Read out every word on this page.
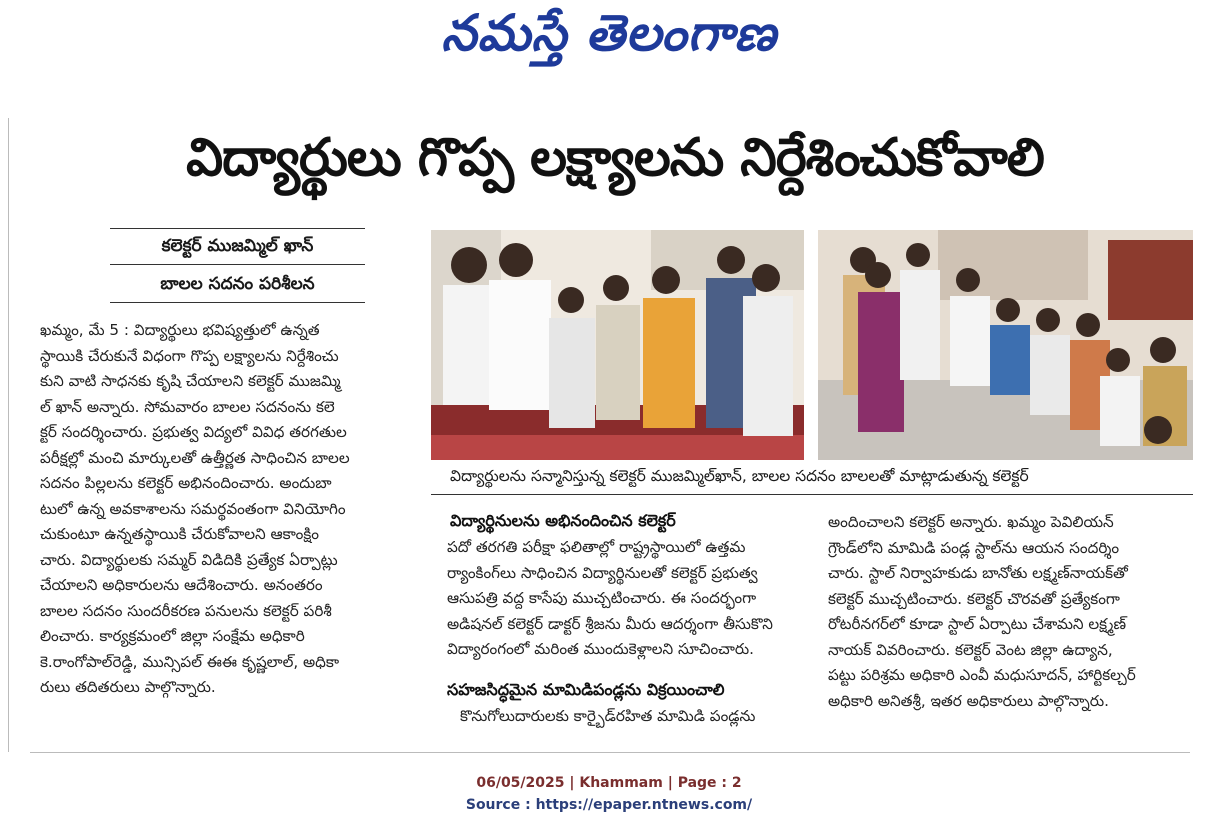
నమస్తే తెలంగాణ
విద్యార్థులు గొప్ప లక్ష్యాలను నిర్దేశించుకోవాలి
కలెక్టర్ ముజమ్మిల్ ఖాన్
బాలల సదనం పరిశీలన
ఖమ్మం, మే 5 : విద్యార్థులు భవిష్యత్తులో ఉన్నత
స్థాయికి చేరుకునే విధంగా గొప్ప లక్ష్యాలను నిర్దేశించు
కుని వాటి సాధనకు కృషి చేయాలని కలెక్టర్ ముజమ్మి
ల్ ఖాన్ అన్నారు. సోమవారం బాలల సదనంను కలె
క్టర్ సందర్శించారు. ప్రభుత్వ విద్యలో వివిధ తరగతుల
పరీక్షల్లో మంచి మార్కులతో ఉత్తీర్ణత సాధించిన బాలల
సదనం పిల్లలను కలెక్టర్ అభినందించారు. అందుబా
టులో ఉన్న అవకాశాలను సమర్థవంతంగా వినియోగిం
చుకుంటూ ఉన్నతస్థాయికి చేరుకోవాలని ఆకాంక్షిం
చారు. విద్యార్థులకు సమ్మర్ విడిదికి ప్రత్యేక ఏర్పాట్లు
చేయాలని అధికారులను ఆదేశించారు. అనంతరం
బాలల సదనం సుందరీకరణ పనులను కలెక్టర్ పరిశీ
లించారు. కార్యక్రమంలో జిల్లా సంక్షేమ అధికారి
కె.రాంగోపాల్‌రెడ్డి, మున్సిపల్ ఈఈ కృష్ణలాల్, అధికా
రులు తదితరులు పాల్గొన్నారు.
విద్యార్థులను సన్మానిస్తున్న కలెక్టర్ ముజమ్మిల్‌ఖాన్, బాలల సదనం బాలలతో మాట్లాడుతున్న కలెక్టర్
విద్యార్థినులను అభినందించిన కలెక్టర్
పదో తరగతి పరీక్షా ఫలితాల్లో రాష్ట్రస్థాయిలో ఉత్తమ
ర్యాంకింగ్‌లు సాధించిన విద్యార్థినులతో కలెక్టర్ ప్రభుత్వ
ఆసుపత్రి వద్ద కాసేపు ముచ్చటించారు. ఈ సందర్భంగా
అడిషనల్ కలెక్టర్ డాక్టర్ శ్రీజను మీరు ఆదర్శంగా తీసుకొని
విద్యారంగంలో మరింత ముందుకెళ్లాలని సూచించారు.
సహజసిద్ధమైన మామిడిపండ్లను విక్రయించాలి
కొనుగోలుదారులకు కార్బైడ్‌రహిత మామిడి పండ్లను
అందించాలని కలెక్టర్ అన్నారు. ఖమ్మం పెవిలియన్
గ్రౌండ్‌లోని మామిడి పండ్ల స్టాల్‌ను ఆయన సందర్శిం
చారు. స్టాల్ నిర్వాహకుడు బానోతు లక్ష్మణ్‌నాయక్‌తో
కలెక్టర్ ముచ్చటించారు. కలెక్టర్ చొరవతో ప్రత్యేకంగా
రోటరీనగర్‌లో కూడా స్టాల్ ఏర్పాటు చేశామని లక్ష్మణ్
నాయక్ వివరించారు. కలెక్టర్ వెంట జిల్లా ఉద్యాన,
పట్టు పరిశ్రమ అధికారి ఎంవీ మధుసూదన్, హార్టికల్చర్
అధికారి అనితశ్రీ, ఇతర అధికారులు పాల్గొన్నారు.
06/05/2025 | Khammam | Page : 2
Source : https://epaper.ntnews.com/
